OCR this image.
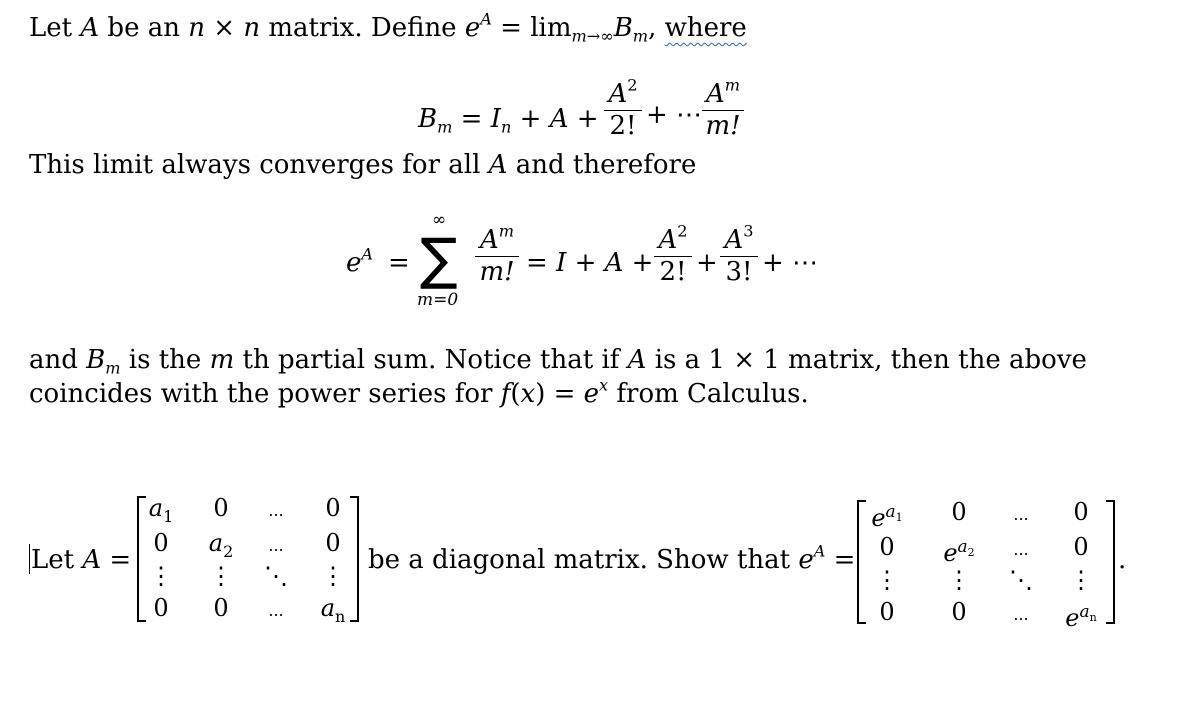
Let A be an n × n matrix. Define $e^A = \lim_{m\to\infty}B_m$, where
$B_m = I_n + A$ +
$A^2$
2! + ⋯
$A^m$
m!
This limit always converges for all A and therefore
$e^A$ =
∞
∑
m=0
$A^m$
m! = I + A +
$A^2$
2! +
$A^3$
3! + ⋯
and $B_m$ is the m th partial sum. Notice that if A is a 1 × 1 matrix, then the above
coincides with the power series for $f(x) = e^x$ from Calculus.
Let A =
$a_1$ 0 ... 0
0 $a_2$ ... 0
⋮ ⋮ ⋱ ⋮
0 0 ... $a_n$
be a diagonal matrix. Show that $e^A$ =
$e^{a1}$ 0	... 0
0 $e^{a2}$ ... 0
⋮ ⋮ ⋱ ⋮
0 0	... $e^{an}$
.
